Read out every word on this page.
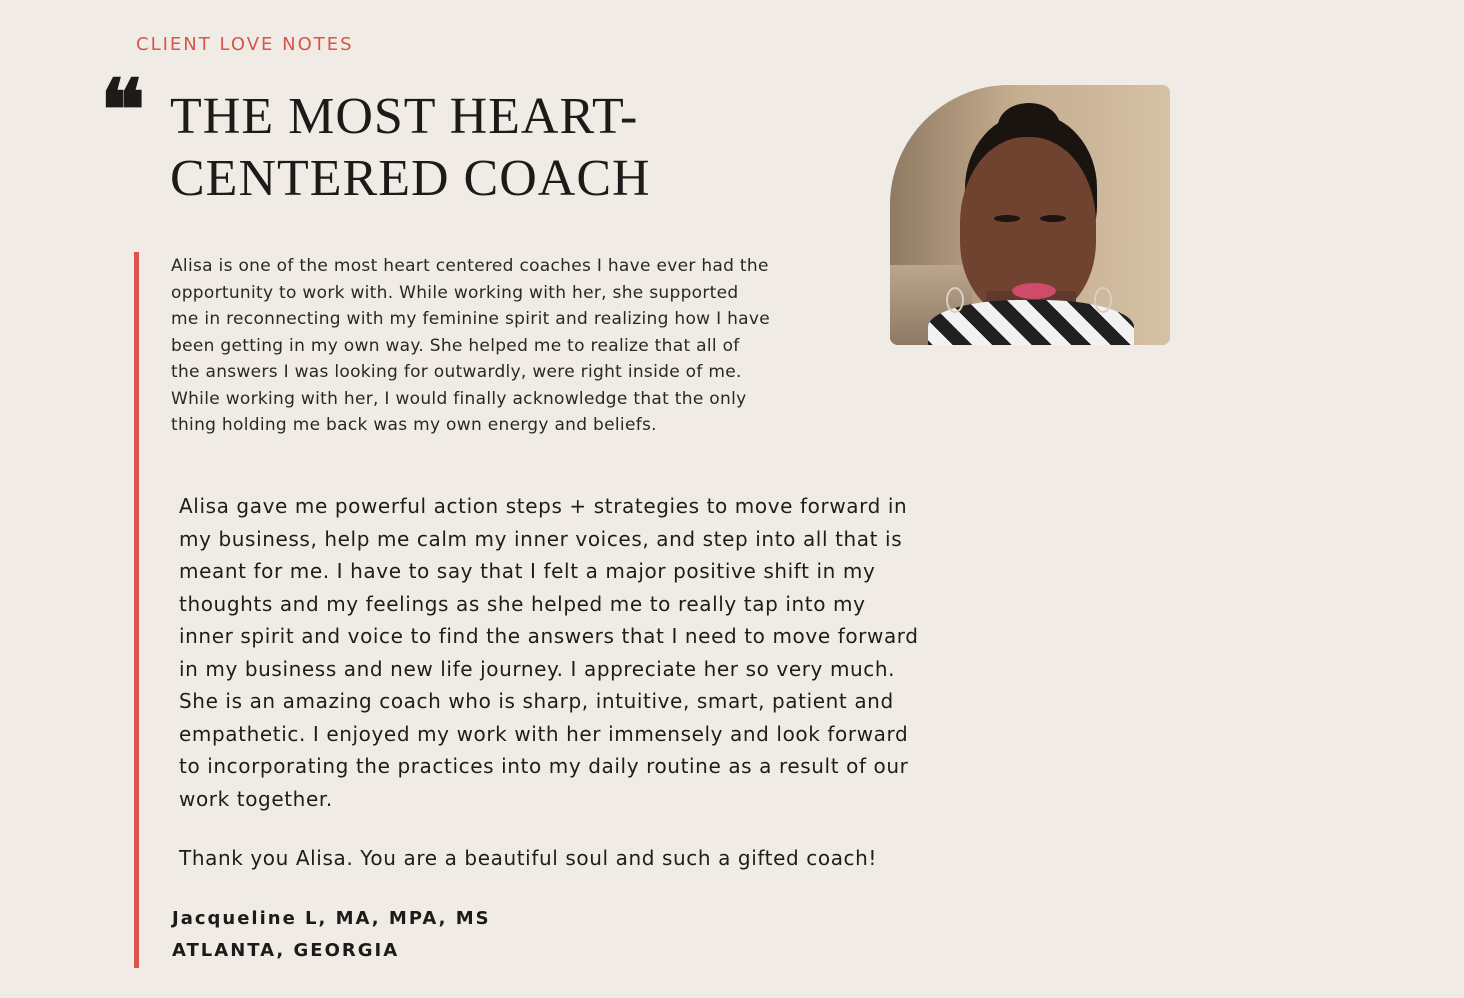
CLIENT LOVE NOTES
❝ THE MOST HEART-
CENTERED COACH
Alisa is one of the most heart centered coaches I have ever had the opportunity to work with. While working with her, she supported me in reconnecting with my feminine spirit and realizing how I have been getting in my own way. She helped me to realize that all of the answers I was looking for outwardly, were right inside of me. While working with her, I would finally acknowledge that the only thing holding me back was my own energy and beliefs.
Alisa gave me powerful action steps + strategies to move forward in my business, help me calm my inner voices, and step into all that is meant for me. I have to say that I felt a major positive shift in my thoughts and my feelings as she helped me to really tap into my inner spirit and voice to find the answers that I need to move forward in my business and new life journey. I appreciate her so very much. She is an amazing coach who is sharp, intuitive, smart, patient and empathetic. I enjoyed my work with her immensely and look forward to incorporating the practices into my daily routine as a result of our work together.
Thank you Alisa. You are a beautiful soul and such a gifted coach!
Jacqueline L, MA, MPA, MS
ATLANTA, GEORGIA
